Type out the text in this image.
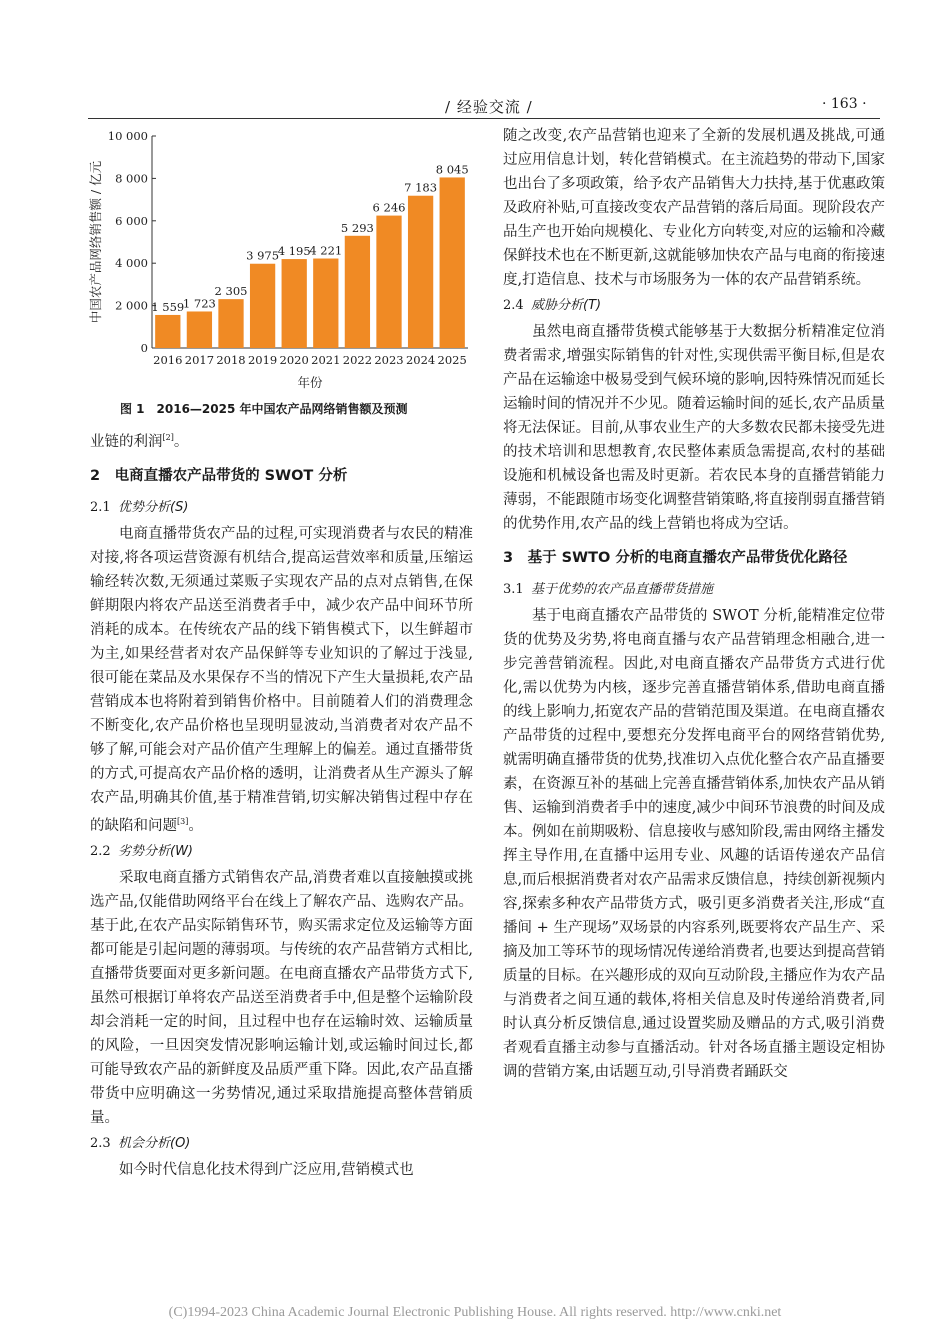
/ 经验交流 /	· 163 ·
0
2 000
4 000
6 000
8 000
10 000
1 559
2016
1 723
2017
2 305
2018
3 975
2019
4 195
2020
4 221
2021
5 293
2022
6 246
2023
7 183
2024
8 045
2025
年份
中国农产品网络销售额 / 亿元
图 1　2016—2025 年中国农产品网络销售额及预测

业链的利润[2]。

2　电商直播农产品带货的 SWOT 分析
2.1 优势分析(S)

电商直播带货农产品的过程,可实现消费者与农民的精准对接,将各项运营资源有机结合,提高运营效率和质量,压缩运输经转次数,无须通过菜贩子实现农产品的点对点销售,在保鲜期限内将农产品送至消费者手中，减少农产品中间环节所消耗的成本。在传统农产品的线下销售模式下，以生鲜超市为主,如果经营者对农产品保鲜等专业知识的了解过于浅显,很可能在菜品及水果保存不当的情况下产生大量损耗,农产品营销成本也将附着到销售价格中。目前随着人们的消费理念不断变化,农产品价格也呈现明显波动,当消费者对农产品不够了解,可能会对产品价值产生理解上的偏差。通过直播带货的方式,可提高农产品价格的透明，让消费者从生产源头了解农产品,明确其价值,基于精准营销,切实解决销售过程中存在的缺陷和问题[3]。

2.2 劣势分析(W)

采取电商直播方式销售农产品,消费者难以直接触摸或挑选产品,仅能借助网络平台在线上了解农产品、选购农产品。基于此,在农产品实际销售环节，购买需求定位及运输等方面都可能是引起问题的薄弱项。与传统的农产品营销方式相比,直播带货要面对更多新问题。在电商直播农产品带货方式下,虽然可根据订单将农产品送至消费者手中,但是整个运输阶段却会消耗一定的时间，且过程中也存在运输时效、运输质量的风险，一旦因突发情况影响运输计划,或运输时间过长,都可能导致农产品的新鲜度及品质严重下降。因此,农产品直播带货中应明确这一劣势情况,通过采取措施提高整体营销质量。

2.3 机会分析(O)

如今时代信息化技术得到广泛应用,营销模式也

随之改变,农产品营销也迎来了全新的发展机遇及挑战,可通过应用信息计划，转化营销模式。在主流趋势的带动下,国家也出台了多项政策，给予农产品销售大力扶持,基于优惠政策及政府补贴,可直接改变农产品营销的落后局面。现阶段农产品生产也开始向规模化、专业化方向转变,对应的运输和冷藏保鲜技术也在不断更新,这就能够加快农产品与电商的衔接速度,打造信息、技术与市场服务为一体的农产品营销系统。

2.4 威胁分析(T)

虽然电商直播带货模式能够基于大数据分析精准定位消费者需求,增强实际销售的针对性,实现供需平衡目标,但是农产品在运输途中极易受到气候环境的影响,因特殊情况而延长运输时间的情况并不少见。随着运输时间的延长,农产品质量将无法保证。目前,从事农业生产的大多数农民都未接受先进的技术培训和思想教育,农民整体素质急需提高,农村的基础设施和机械设备也需及时更新。若农民本身的直播营销能力薄弱，不能跟随市场变化调整营销策略,将直接削弱直播营销的优势作用,农产品的线上营销也将成为空话。

3　基于 SWTO 分析的电商直播农产品带货优化路径
3.1 基于优势的农产品直播带货措施

基于电商直播农产品带货的 SWOT 分析,能精准定位带货的优势及劣势,将电商直播与农产品营销理念相融合,进一步完善营销流程。因此,对电商直播农产品带货方式进行优化,需以优势为内核，逐步完善直播营销体系,借助电商直播的线上影响力,拓宽农产品的营销范围及渠道。在电商直播农产品带货的过程中,要想充分发挥电商平台的网络营销优势,就需明确直播带货的优势,找准切入点优化整合农产品直播要素，在资源互补的基础上完善直播营销体系,加快农产品从销售、运输到消费者手中的速度,减少中间环节浪费的时间及成本。例如在前期吸粉、信息接收与感知阶段,需由网络主播发挥主导作用,在直播中运用专业、风趣的话语传递农产品信息,而后根据消费者对农产品需求反馈信息，持续创新视频内容,探索多种农产品带货方式，吸引更多消费者关注,形成“直播间 + 生产现场”双场景的内容系列,既要将农产品生产、采摘及加工等环节的现场情况传递给消费者,也要达到提高营销质量的目标。在兴趣形成的双向互动阶段,主播应作为农产品与消费者之间互通的载体,将相关信息及时传递给消费者,同时认真分析反馈信息,通过设置奖励及赠品的方式,吸引消费者观看直播主动参与直播活动。针对各场直播主题设定相协调的营销方案,由话题互动,引导消费者踊跃交

(C)1994-2023 China Academic Journal Electronic Publishing House. All rights reserved. http://www.cnki.net
